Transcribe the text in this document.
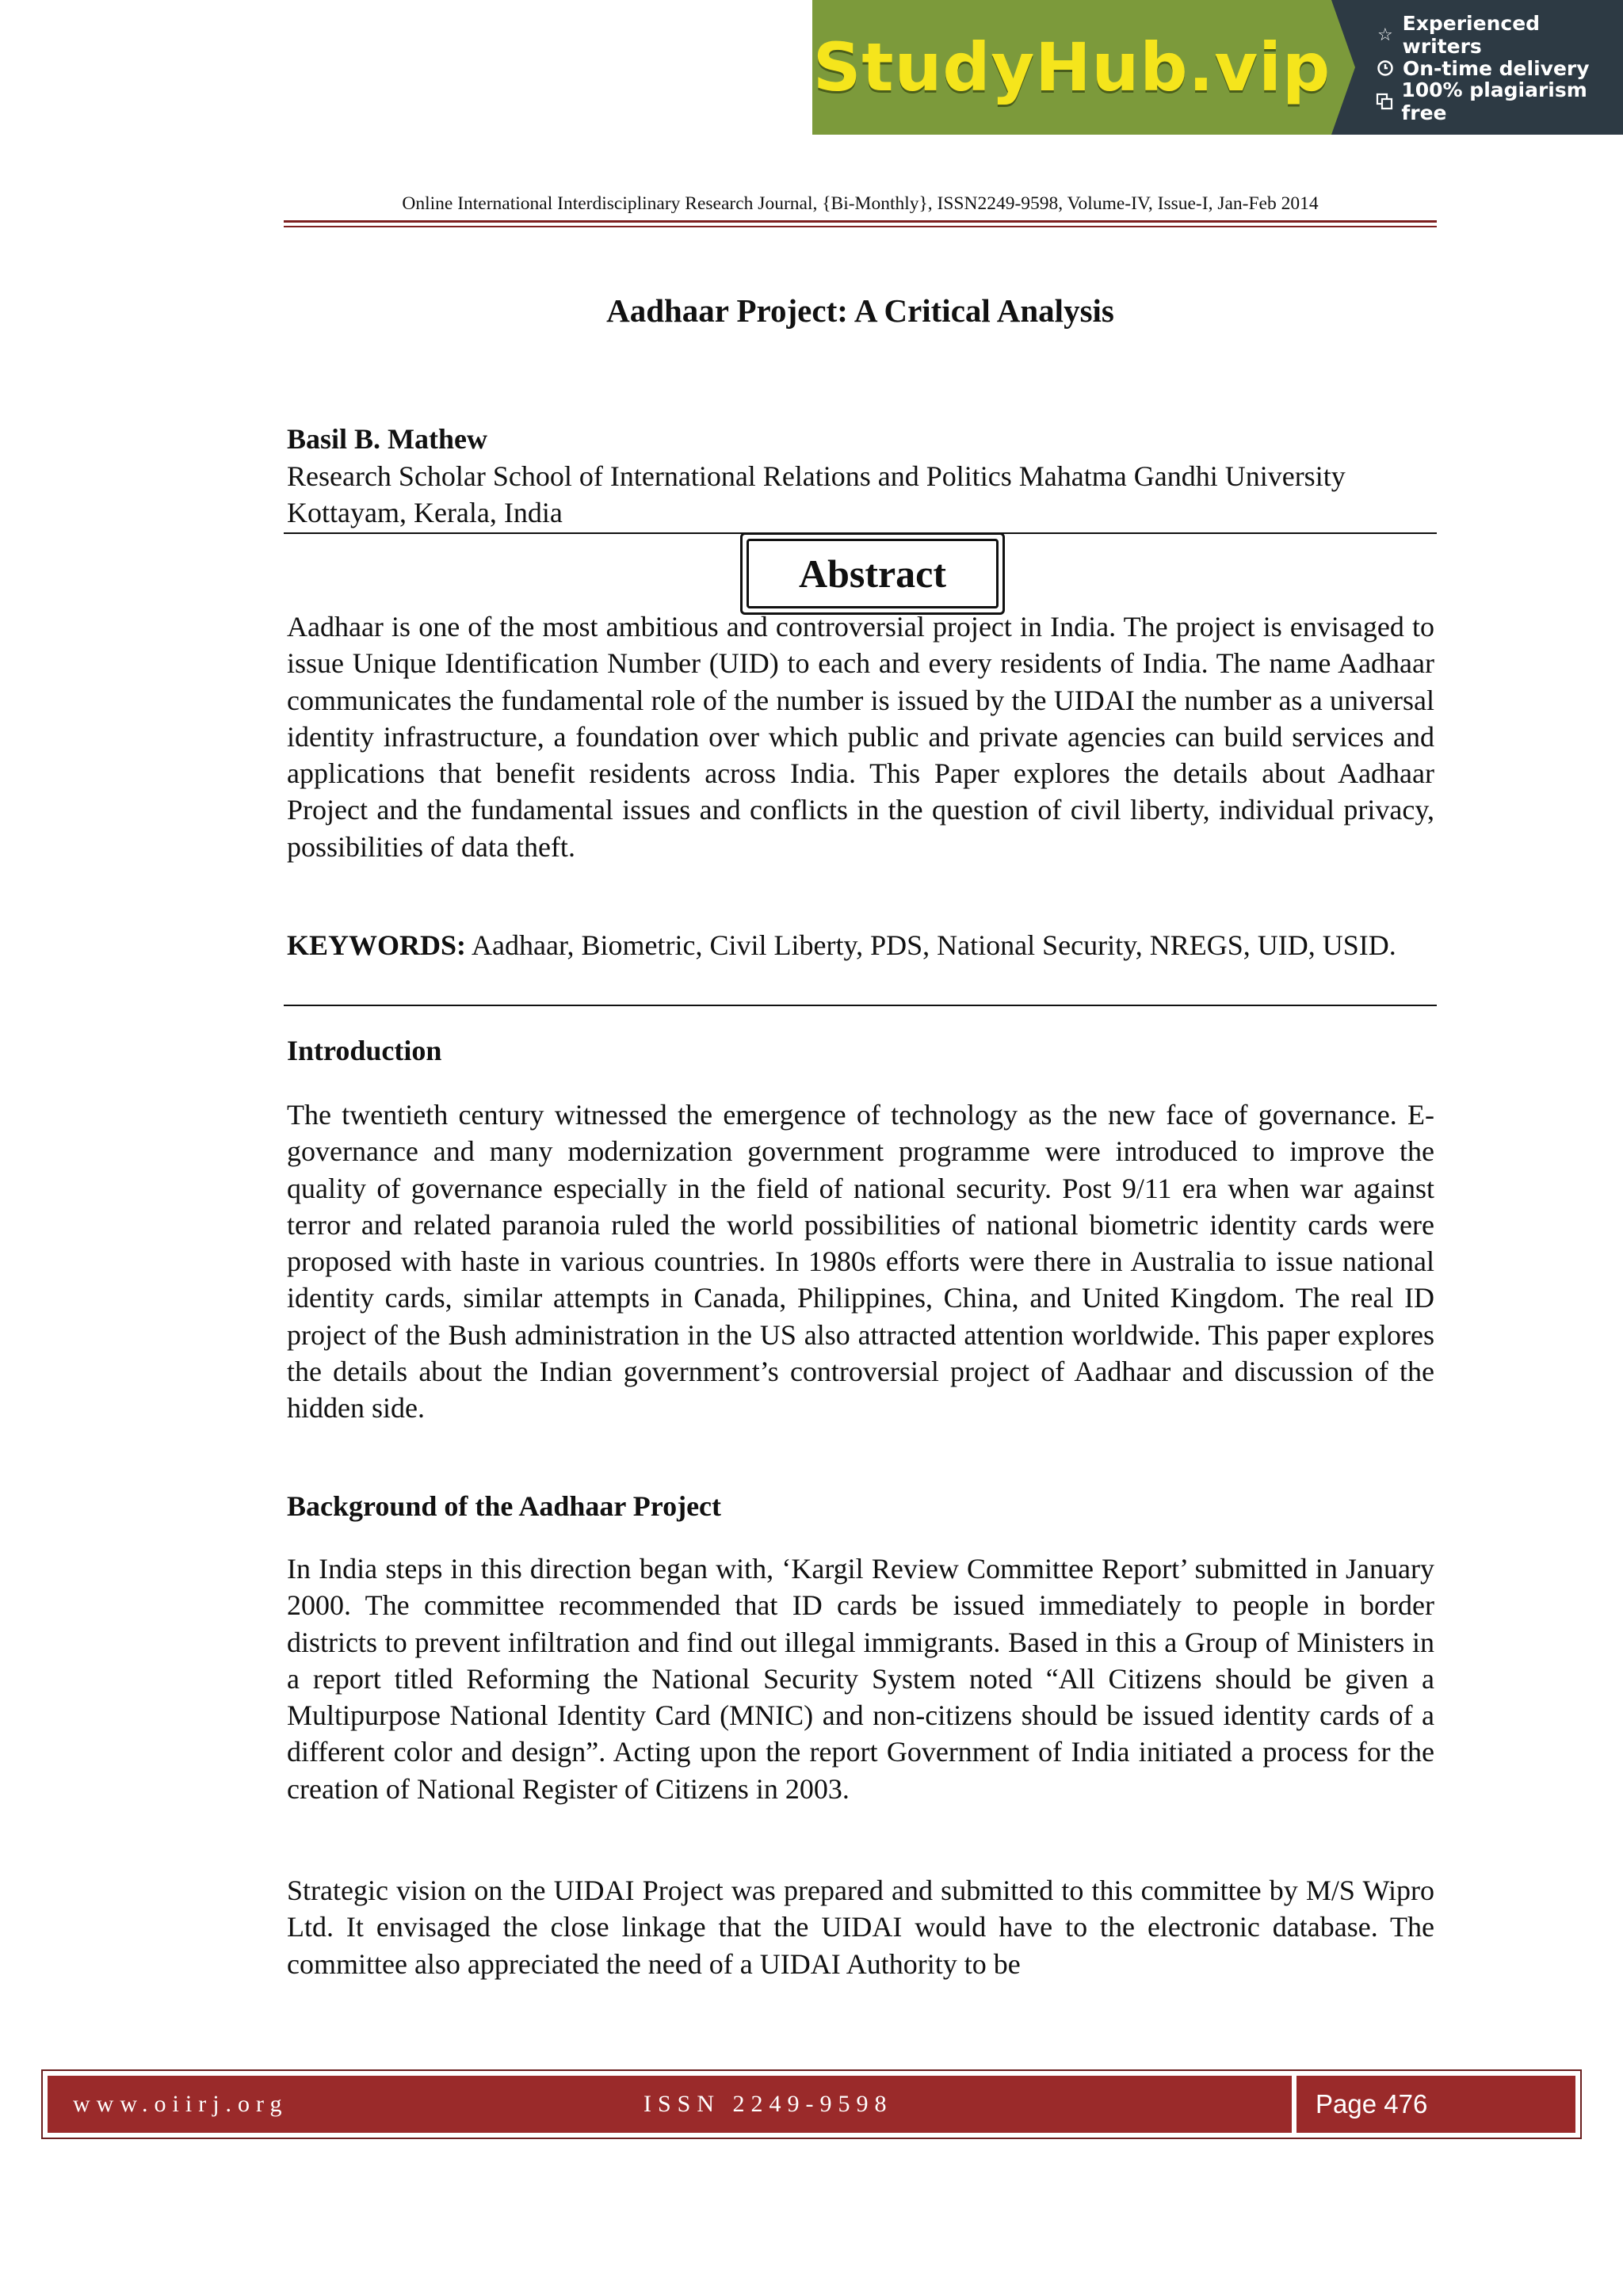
StudyHub.vip	☆ Experienced writers
On-time delivery
100% plagiarism free
Online International Interdisciplinary Research Journal, {Bi-Monthly}, ISSN2249-9598, Volume-IV, Issue-I, Jan-Feb 2014
Aadhaar Project: A Critical Analysis
Basil B. Mathew
Research Scholar School of International Relations and Politics Mahatma Gandhi University Kottayam, Kerala, India
Abstract
Aadhaar is one of the most ambitious and controversial project in India. The project is envisaged to issue Unique Identification Number (UID) to each and every residents of India. The name Aadhaar communicates the fundamental role of the number is issued by the UIDAI the number as a universal identity infrastructure, a foundation over which public and private agencies can build services and applications that benefit residents across India. This Paper explores the details about Aadhaar Project and the fundamental issues and conflicts in the question of civil liberty, individual privacy, possibilities of data theft.
KEYWORDS: Aadhaar, Biometric, Civil Liberty, PDS, National Security, NREGS, UID, USID.
Introduction
The twentieth century witnessed the emergence of technology as the new face of governance. E-governance and many modernization government programme were introduced to improve the quality of governance especially in the field of national security. Post 9/11 era when war against terror and related paranoia ruled the world possibilities of national biometric identity cards were proposed with haste in various countries. In 1980s efforts were there in Australia to issue national identity cards, similar attempts in Canada, Philippines, China, and United Kingdom. The real ID project of the Bush administration in the US also attracted attention worldwide. This paper explores the details about the Indian government’s controversial project of Aadhaar and discussion of the hidden side.
Background of the Aadhaar Project
In India steps in this direction began with, ‘Kargil Review Committee Report’ submitted in January 2000. The committee recommended that ID cards be issued immediately to people in border districts to prevent infiltration and find out illegal immigrants. Based in this a Group of Ministers in a report titled Reforming the National Security System noted “All Citizens should be given a Multipurpose National Identity Card (MNIC) and non-citizens should be issued identity cards of a different color and design”. Acting upon the report Government of India initiated a process for the creation of National Register of Citizens in 2003.
Strategic vision on the UIDAI Project was prepared and submitted to this committee by M/S Wipro Ltd. It envisaged the close linkage that the UIDAI would have to the electronic database. The committee also appreciated the need of a UIDAI Authority to be
www.oiirj.org	ISSN 2249-9598	Page 476
